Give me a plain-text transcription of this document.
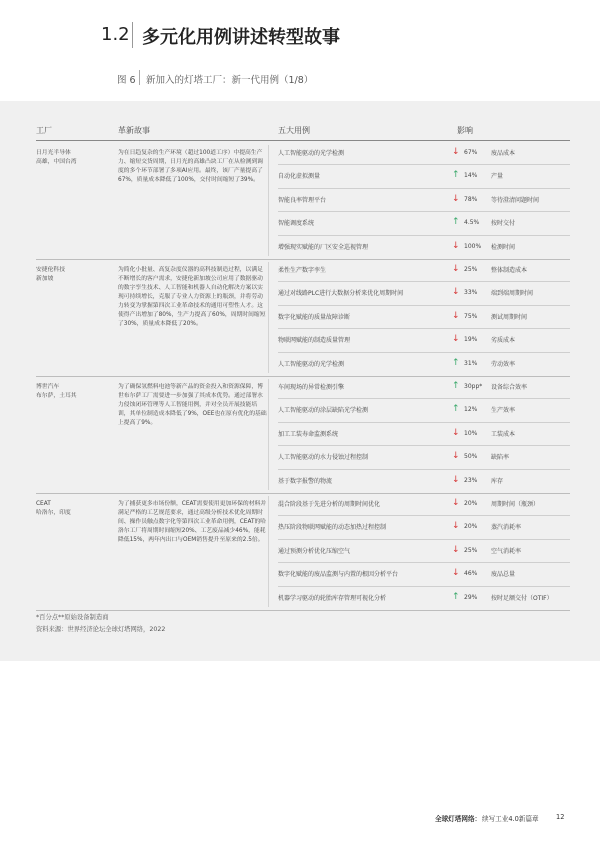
1.2 多元化用例讲述转型故事
图 6 新加入的灯塔工厂：新一代用例（1/8）
工厂	革新故事	五大用例	影响
日月光半导体
高雄，中国台湾
为在日趋复杂的生产环境（超过100道工序）中提高生产力、缩短交货周期，日月光的高雄凸块工厂在从检测到调度的多个环节部署了多项AI应用。最终，该厂产量提高了67%，质量成本降低了100%，交付时间缩短了39%。
人工智能驱动的光学检测	↓ 67% 废品成本
自动化虚拟测量	↑ 14% 产量
智能良率管理平台	↓ 78% 等待澄清问题时间
智能调度系统	↑ 4.5% 按时交付
增强现实赋能的厂区安全巡视管理	↓ 100% 检测时间
安捷伦科技
新加坡
为简化小批量、高复杂度仪器的高科技制造过程，以满足不断增长的客户需求，安捷伦新加坡公司应用了数据驱动的数字孪生技术、人工智能和机器人自动化解决方案以实现可持续增长，克服了专业人力资源上的瓶颈，并将劳动力转变为掌握第四次工业革命技术的通用可塑性人才。这使得产出增加了80%，生产力提高了60%，周期时间缩短了30%，质量成本降低了20%。
柔性生产数字孪生	↓ 25% 整体制造成本
通过对线路PLC进行大数据分析来优化周期时间	↓ 33% 端到端周期时间
数字化赋能的质量故障诊断	↓ 75% 测试周期时间
物联网赋能的制造质量管理	↓ 19% 劣质成本
人工智能驱动的光学检测	↑ 31% 劳动效率
博世汽车
布尔萨，土耳其
为了确保氢燃料电池等新产品的资金投入和资源保障，博世布尔萨工厂需要进一步加强了其成本优势。通过部署水力侵蚀闭环管理等人工智能用例，并对全员开展技能培训，其单位制造成本降低了9%，OEE也在原有优化的基础上提高了9%。
车间现场的异常检测引擎	↑ 30pp* 设备综合效率
人工智能驱动的涂层缺陷光学检测	↑ 12% 生产效率
加工工装寿命监测系统	↓ 10% 工装成本
人工智能驱动的水力侵蚀过程控制	↓ 50% 缺陷率
基于数字报警的物流	↓ 23% 库存
CEAT
哈洛尔，印度
为了捕获更多市场份额，CEAT需要使用更加环保的材料并满足严格的工艺规范要求，通过高级分析技术优化周期时间、操作员触点数字化等第四次工业革命用例，CEAT的哈洛尔工厂将周期时间缩短20%、工艺废品减少46%，能耗降低15%，两年内出口与OEM销售提升至原来的2.5倍。
混合阶段基于先进分析的周期时间优化	↓ 20% 周期时间（瓶颈）
热压阶段物联网赋能的动态加热过程控制	↓ 20% 蒸汽消耗率
通过预测分析优化压缩空气	↓ 25% 空气消耗率
数字化赋能的废品监测与内置的根因分析平台	↓ 46% 废品总量
机器学习驱动的轮胎库存管理可视化分析	↑ 29% 按时足额交付（OTIF）
*百分点**原始设备制造商
资料来源：世界经济论坛全球灯塔网络，2022
全球灯塔网络： 续写工业4.0新篇章	12
